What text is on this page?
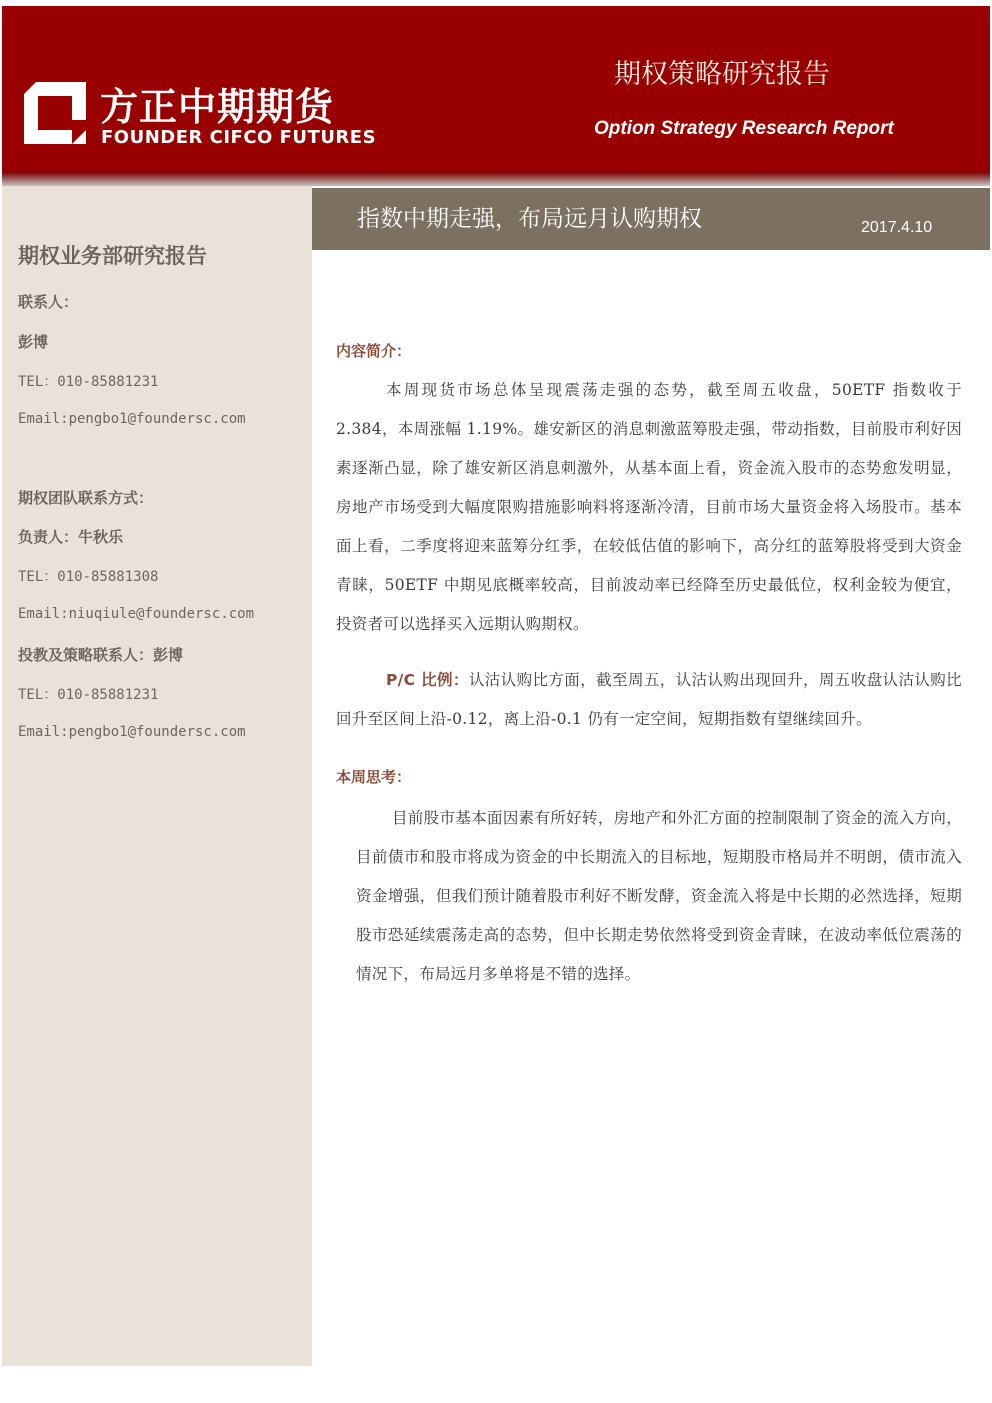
方正中期期货
FOUNDER CIFCO FUTURES
期权策略研究报告
Option Strategy Research Report
期权业务部研究报告
联系人：
彭博
TEL：010-85881231
Email:pengbo1@foundersc.com
期权团队联系方式：
负责人：牛秋乐
TEL：010-85881308
Email:niuqiule@foundersc.com
投教及策略联系人：彭博
TEL：010-85881231
Email:pengbo1@foundersc.com
指数中期走强，布局远月认购期权	2017.4.10
内容简介：
本周现货市场总体呈现震荡走强的态势，截至周五收盘，50ETF 指数收于 2.384，本周涨幅 1.19%。雄安新区的消息刺激蓝筹股走强，带动指数，目前股市利好因素逐渐凸显，除了雄安新区消息刺激外，从基本面上看，资金流入股市的态势愈发明显，房地产市场受到大幅度限购措施影响料将逐渐冷清，目前市场大量资金将入场股市。基本面上看，二季度将迎来蓝筹分红季，在较低估值的影响下，高分红的蓝筹股将受到大资金青睐，50ETF 中期见底概率较高，目前波动率已经降至历史最低位，权利金较为便宜，投资者可以选择买入远期认购期权。
P/C 比例：认沽认购比方面，截至周五，认沽认购出现回升，周五收盘认沽认购比回升至区间上沿-0.12，离上沿-0.1 仍有一定空间，短期指数有望继续回升。
本周思考：
目前股市基本面因素有所好转，房地产和外汇方面的控制限制了资金的流入方向，目前债市和股市将成为资金的中长期流入的目标地，短期股市格局并不明朗，债市流入资金增强，但我们预计随着股市利好不断发酵，资金流入将是中长期的必然选择，短期股市恐延续震荡走高的态势，但中长期走势依然将受到资金青睐，在波动率低位震荡的情况下，布局远月多单将是不错的选择。
